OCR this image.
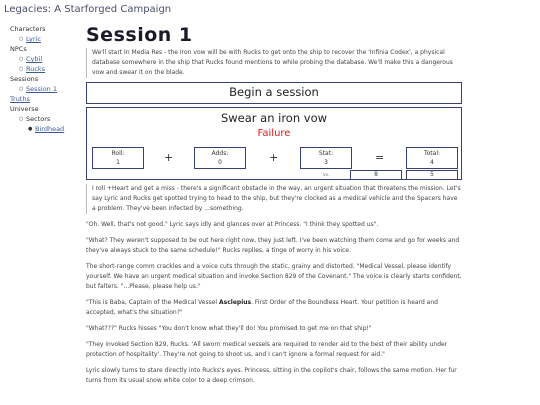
Legacies: A Starforged Campaign
Characters
○ Lyric
NPCs
○ Cybil
○ Rucks
Sessions
○ Session 1
Truths
Universe
○ Sectors
● Birdhead
Session 1
We'll start In Media Res - the Iron vow will be with Rucks to get onto the ship to recover the 'Infinia Codex', a physical database somewhere in the ship that Rucks found mentions to while probing the database. We'll make this a dangerous vow and swear it on the blade.
Begin a session
Swear an iron vow
Failure
Roll:
1	+	Adds:
0	+	Stat:
3	=	Total:
4
vs.	8	5
I roll +Heart and get a miss - there's a significant obstacle in the way, an urgent situation that threatens the mission. Let's say Lyric and Rucks get spotted trying to head to the ship, but they're clocked as a medical vehicle and the Spacers have a problem. They've been infected by ...something.

"Oh. Well, that's not good." Lyric says idly and glances over at Princess. "I think they spotted us".

"What? They weren't supposed to be out here right now, they just left. I've been watching them come and go for weeks and they've always stuck to the same schedule!" Rucks replies, a tinge of worry in his voice.

The short-range comm crackles and a voice cuts through the static, grainy and distorted. "Medical Vessel, please identify yourself. We have an urgent medical situation and invoke Section 829 of the Covenant." The voice is clearly starts confident, but falters. "...Please, please help us."

"This is Baba, Captain of the Medical Vessel Asclepius. First Order of the Boundless Heart. Your petition is heard and accepted, what's the situation?"

"What???" Rucks hisses "You don't know what they'll do! You promised to get me on that ship!"

"They invoked Section 829, Rucks. 'All sworn medical vessels are required to render aid to the best of their ability under protection of hospitality'. They're not going to shoot us, and I can't ignore a formal request for aid."

Lyric slowly turns to stare directly into Rucks's eyes. Princess, sitting in the copilot's chair, follows the same motion. Her fur turns from its usual snow white color to a deep crimson.
